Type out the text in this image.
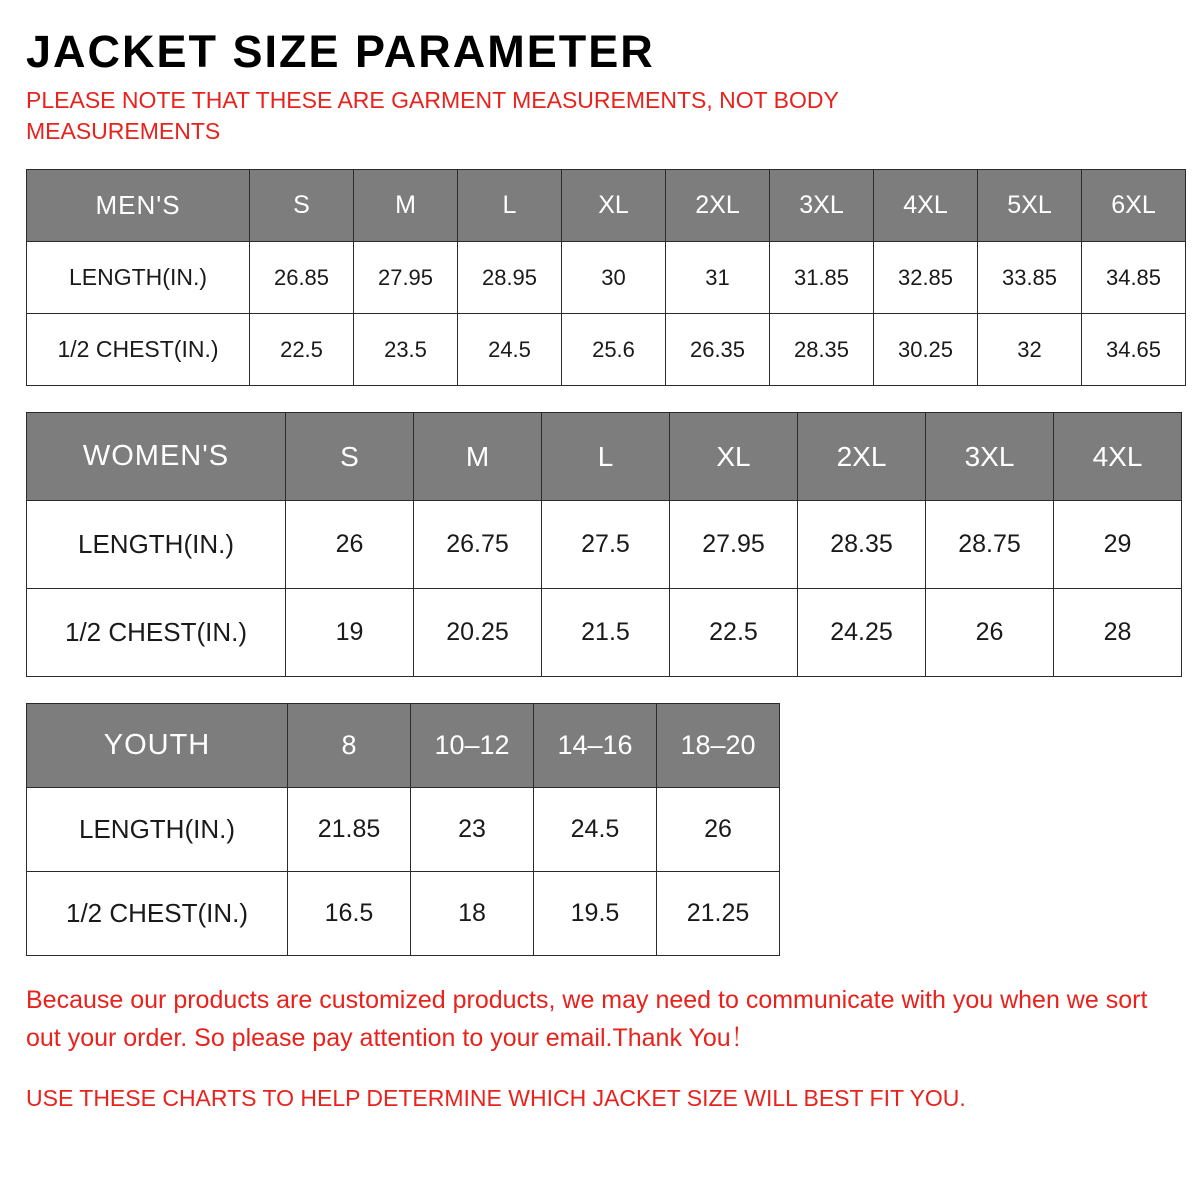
JACKET SIZE PARAMETER

PLEASE NOTE THAT THESE ARE GARMENT MEASUREMENTS, NOT BODY MEASUREMENTS

MEN'S	S	M	L	XL	2XL	3XL	4XL	5XL	6XL
LENGTH(IN.)	26.85	27.95	28.95	30	31	31.85	32.85	33.85	34.85
1/2 CHEST(IN.)	22.5	23.5	24.5	25.6	26.35	28.35	30.25	32	34.65
WOMEN'S	S	M	L	XL	2XL	3XL	4XL
LENGTH(IN.)	26	26.75	27.5	27.95	28.35	28.75	29
1/2 CHEST(IN.)	19	20.25	21.5	22.5	24.25	26	28
YOUTH	8	10–12	14–16	18–20
LENGTH(IN.)	21.85	23	24.5	26
1/2 CHEST(IN.)	16.5	18	19.5	21.25

Because our products are customized products, we may need to communicate with you when we sort out your order. So please pay attention to your email.Thank You！

USE THESE CHARTS TO HELP DETERMINE WHICH JACKET SIZE WILL BEST FIT YOU.
